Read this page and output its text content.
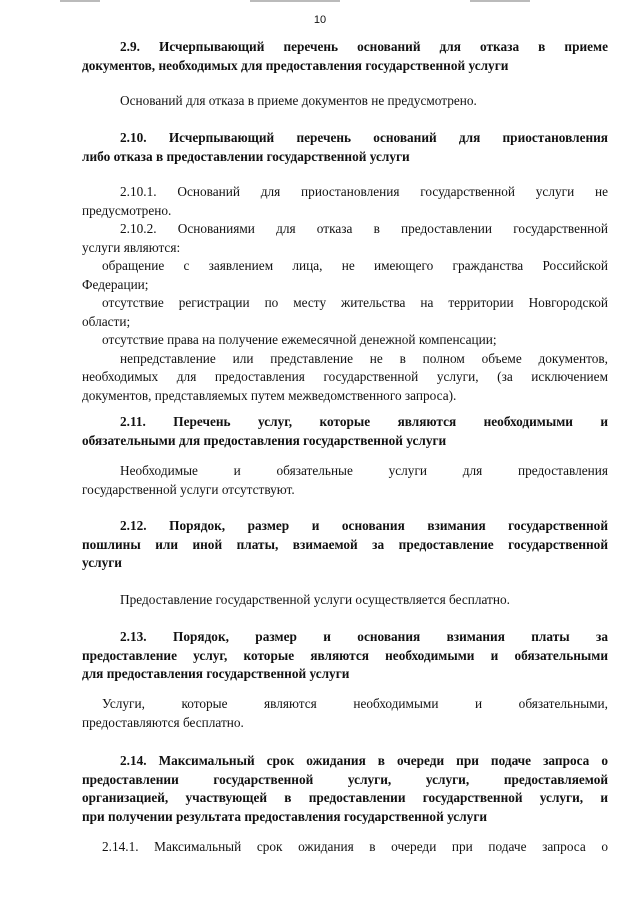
10
2.9. Исчерпывающий перечень оснований для отказа в приеме
документов, необходимых для предоставления государственной услуги
Оснований для отказа в приеме документов не предусмотрено.
2.10. Исчерпывающий перечень оснований для приостановления
либо отказа в предоставлении государственной услуги
2.10.1. Оснований для приостановления государственной услуги не
предусмотрено.
2.10.2. Основаниями для отказа в предоставлении государственной
услуги являются:
обращение с заявлением лица, не имеющего гражданства Российской
Федерации;
отсутствие регистрации по месту жительства на территории Новгородской
области;
отсутствие права на получение ежемесячной денежной компенсации;
непредставление или представление не в полном объеме документов,
необходимых для предоставления государственной услуги, (за исключением
документов, представляемых путем межведомственного запроса).
2.11. Перечень услуг, которые являются необходимыми и
обязательными для предоставления государственной услуги
Необходимые и обязательные услуги для предоставления
государственной услуги отсутствуют.
2.12. Порядок, размер и основания взимания государственной
пошлины или иной платы, взимаемой за предоставление государственной
услуги
Предоставление государственной услуги осуществляется бесплатно.
2.13. Порядок, размер и основания взимания платы за
предоставление услуг, которые являются необходимыми и обязательными
для предоставления государственной услуги
Услуги, которые являются необходимыми и обязательными,
предоставляются бесплатно.
2.14. Максимальный срок ожидания в очереди при подаче запроса о
предоставлении государственной услуги, услуги, предоставляемой
организацией, участвующей в предоставлении государственной услуги, и
при получении результата предоставления государственной услуги
2.14.1. Максимальный срок ожидания в очереди при подаче запроса о
